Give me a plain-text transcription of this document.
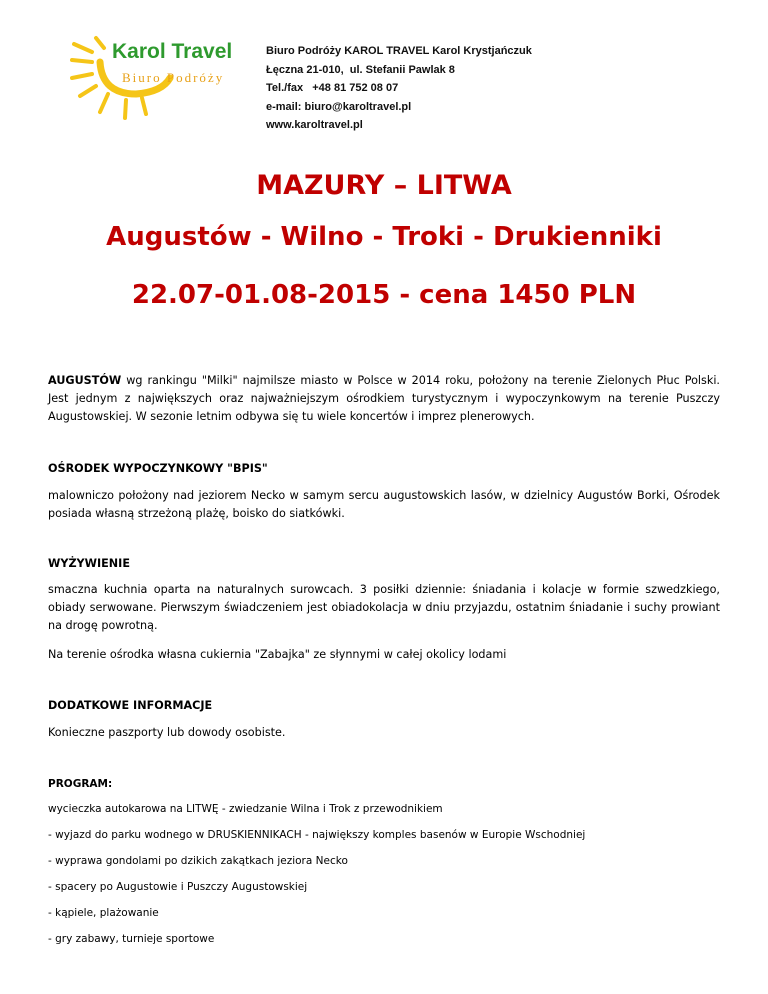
Karol Travel
Biuro Podróży
Biuro Podróży KAROL TRAVEL Karol Krystjańczuk
Łęczna 21-010,  ul. Stefanii Pawlak 8
Tel./fax   +48 81 752 08 07
e-mail: biuro@karoltravel.pl
www.karoltravel.pl
MAZURY – LITWA
Augustów - Wilno - Troki - Drukienniki
22.07-01.08-2015 - cena 1450 PLN
AUGUSTÓW wg rankingu "Milki" najmilsze miasto w Polsce w 2014 roku, położony na terenie Zielonych Płuc Polski. Jest jednym z największych oraz najważniejszym ośrodkiem turystycznym i wypoczynkowym na terenie Puszczy Augustowskiej. W sezonie letnim odbywa się tu wiele koncertów i imprez plenerowych.
OŚRODEK WYPOCZYNKOWY "BPIS"
malowniczo położony nad jeziorem Necko w samym sercu augustowskich lasów, w dzielnicy Augustów Borki, Ośrodek posiada własną strzeżoną plażę, boisko do siatkówki.
WYŻYWIENIE
smaczna kuchnia oparta na naturalnych surowcach. 3 posiłki dziennie: śniadania i kolacje w formie szwedzkiego, obiady serwowane. Pierwszym świadczeniem jest obiadokolacja w dniu przyjazdu, ostatnim śniadanie i suchy prowiant na drogę powrotną.
Na terenie ośrodka własna cukiernia "Zabajka" ze słynnymi w całej okolicy lodami
DODATKOWE INFORMACJE
Konieczne paszporty lub dowody osobiste.
PROGRAM:
wycieczka autokarowa na LITWĘ - zwiedzanie Wilna i Trok z przewodnikiem
- wyjazd do parku wodnego w DRUSKIENNIKACH - największy komples basenów w Europie Wschodniej
- wyprawa gondolami po dzikich zakątkach jeziora Necko
- spacery po Augustowie i Puszczy Augustowskiej
- kąpiele, plażowanie
- gry zabawy, turnieje sportowe
